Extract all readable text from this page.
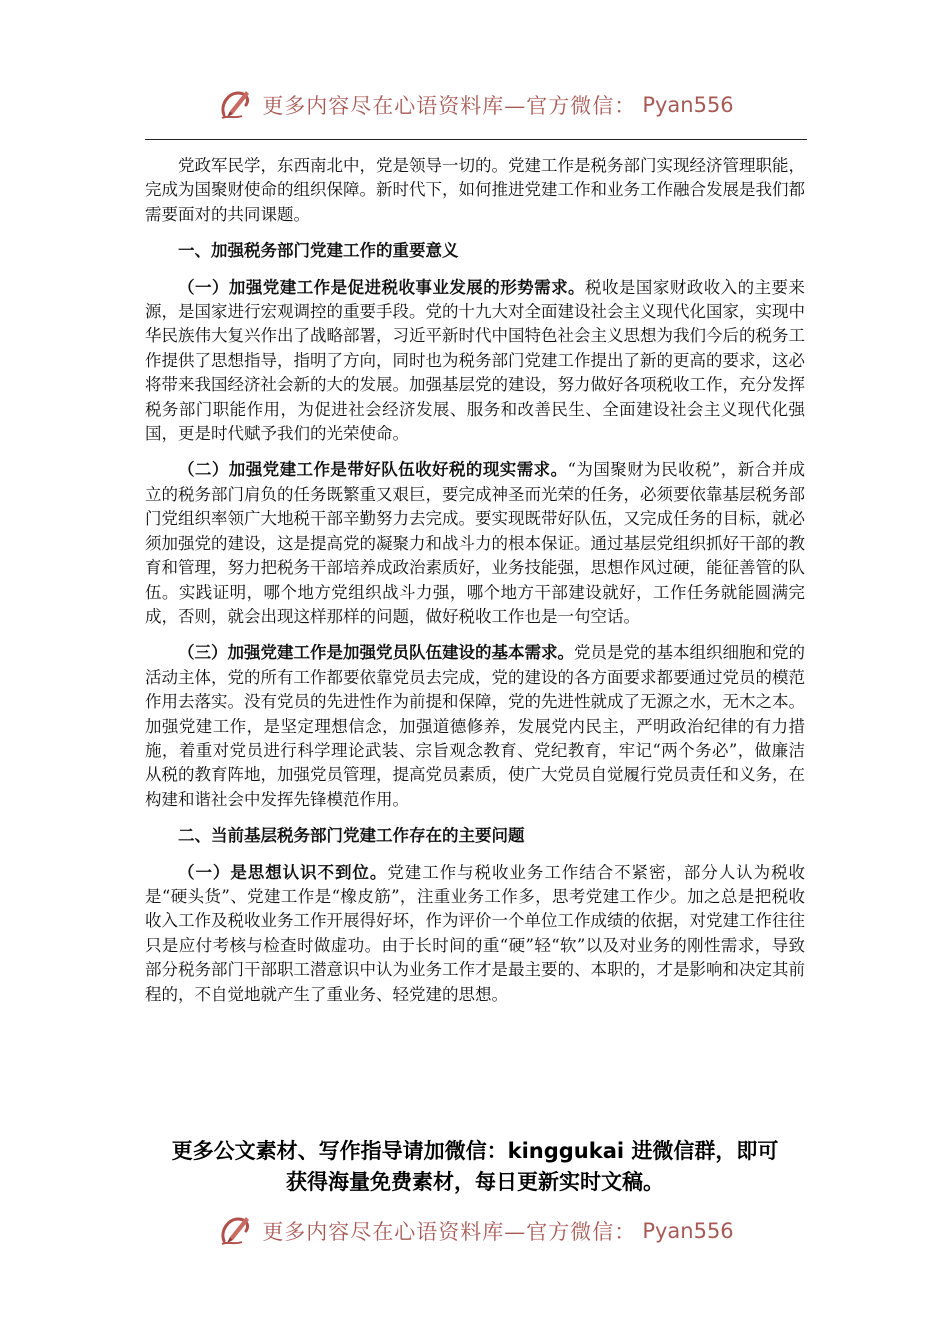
更多内容尽在心语资料库—官方微信： Pyan556

党政军民学，东西南北中，党是领导一切的。党建工作是税务部门实现经济管理职能，完成为国聚财使命的组织保障。新时代下，如何推进党建工作和业务工作融合发展是我们都需要面对的共同课题。

一、加强税务部门党建工作的重要意义

（一）加强党建工作是促进税收事业发展的形势需求。税收是国家财政收入的主要来源，是国家进行宏观调控的重要手段。党的十九大对全面建设社会主义现代化国家，实现中华民族伟大复兴作出了战略部署，习近平新时代中国特色社会主义思想为我们今后的税务工作提供了思想指导，指明了方向，同时也为税务部门党建工作提出了新的更高的要求，这必将带来我国经济社会新的大的发展。加强基层党的建设，努力做好各项税收工作，充分发挥税务部门职能作用，为促进社会经济发展、服务和改善民生、全面建设社会主义现代化强国，更是时代赋予我们的光荣使命。

（二）加强党建工作是带好队伍收好税的现实需求。“为国聚财为民收税”，新合并成立的税务部门肩负的任务既繁重又艰巨，要完成神圣而光荣的任务，必须要依靠基层税务部门党组织率领广大地税干部辛勤努力去完成。要实现既带好队伍，又完成任务的目标，就必须加强党的建设，这是提高党的凝聚力和战斗力的根本保证。通过基层党组织抓好干部的教育和管理，努力把税务干部培养成政治素质好，业务技能强，思想作风过硬，能征善管的队伍。实践证明，哪个地方党组织战斗力强，哪个地方干部建设就好，工作任务就能圆满完成，否则，就会出现这样那样的问题，做好税收工作也是一句空话。

（三）加强党建工作是加强党员队伍建设的基本需求。党员是党的基本组织细胞和党的活动主体，党的所有工作都要依靠党员去完成，党的建设的各方面要求都要通过党员的模范作用去落实。没有党员的先进性作为前提和保障，党的先进性就成了无源之水，无木之本。加强党建工作，是坚定理想信念，加强道德修养，发展党内民主，严明政治纪律的有力措施，着重对党员进行科学理论武装、宗旨观念教育、党纪教育，牢记“两个务必”，做廉洁从税的教育阵地，加强党员管理，提高党员素质，使广大党员自觉履行党员责任和义务，在构建和谐社会中发挥先锋模范作用。

二、当前基层税务部门党建工作存在的主要问题

（一）是思想认识不到位。党建工作与税收业务工作结合不紧密，部分人认为税收是“硬头货”、党建工作是“橡皮筋”，注重业务工作多，思考党建工作少。加之总是把税收收入工作及税收业务工作开展得好坏，作为评价一个单位工作成绩的依据，对党建工作往往只是应付考核与检查时做虚功。由于长时间的重“硬”轻“软”以及对业务的刚性需求，导致部分税务部门干部职工潜意识中认为业务工作才是最主要的、本职的，才是影响和决定其前程的，不自觉地就产生了重业务、轻党建的思想。

更多公文素材、写作指导请加微信：kinggukai 进微信群，即可
获得海量免费素材，每日更新实时文稿。
更多内容尽在心语资料库—官方微信： Pyan556
